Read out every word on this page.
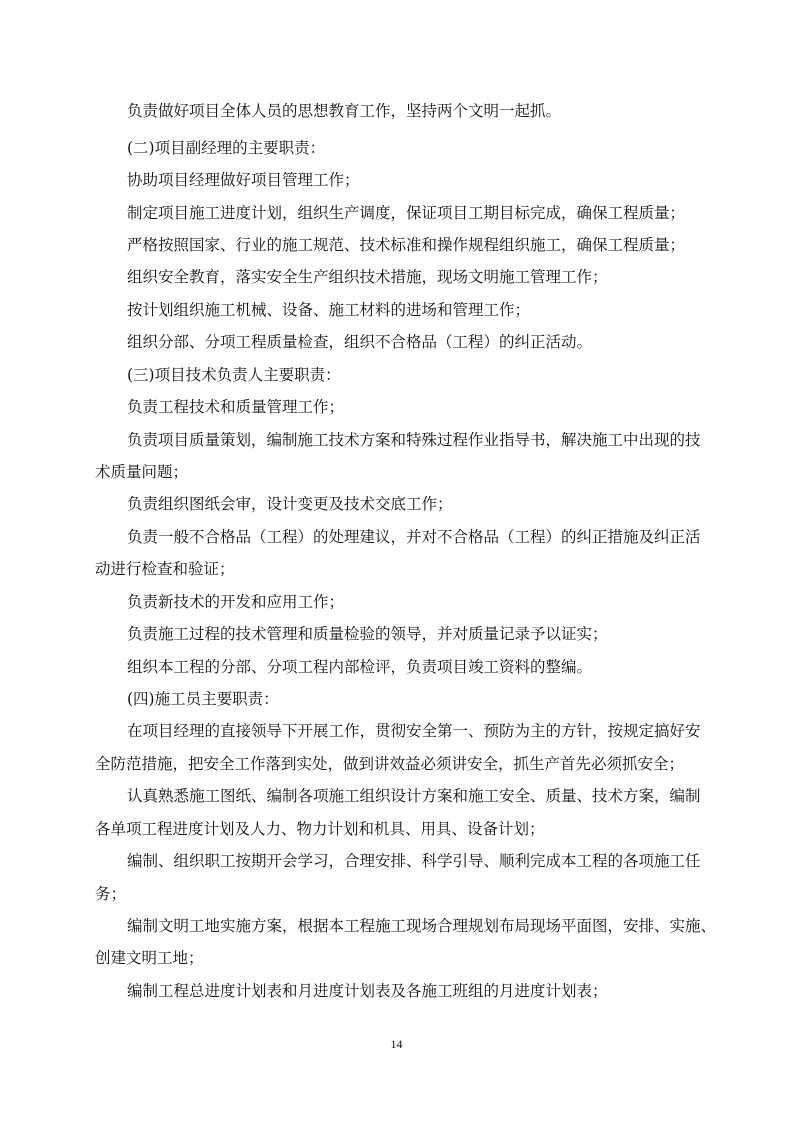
负责做好项目全体人员的思想教育工作，坚持两个文明一起抓。
(二)项目副经理的主要职责：
协助项目经理做好项目管理工作；
制定项目施工进度计划，组织生产调度，保证项目工期目标完成，确保工程质量；
严格按照国家、行业的施工规范、技术标准和操作规程组织施工，确保工程质量；
组织安全教育，落实安全生产组织技术措施，现场文明施工管理工作；
按计划组织施工机械、设备、施工材料的进场和管理工作；
组织分部、分项工程质量检查，组织不合格品（工程）的纠正活动。
(三)项目技术负责人主要职责：
负责工程技术和质量管理工作；
负责项目质量策划，编制施工技术方案和特殊过程作业指导书，解决施工中出现的技
术质量问题；
负责组织图纸会审，设计变更及技术交底工作；
负责一般不合格品（工程）的处理建议，并对不合格品（工程）的纠正措施及纠正活
动进行检查和验证；
负责新技术的开发和应用工作；
负责施工过程的技术管理和质量检验的领导，并对质量记录予以证实；
组织本工程的分部、分项工程内部检评，负责项目竣工资料的整编。
(四)施工员主要职责：
在项目经理的直接领导下开展工作，贯彻安全第一、预防为主的方针，按规定搞好安
全防范措施，把安全工作落到实处，做到讲效益必须讲安全，抓生产首先必须抓安全；
认真熟悉施工图纸、编制各项施工组织设计方案和施工安全、质量、技术方案，编制
各单项工程进度计划及人力、物力计划和机具、用具、设备计划；
编制、组织职工按期开会学习，合理安排、科学引导、顺利完成本工程的各项施工任
务；
编制文明工地实施方案，根据本工程施工现场合理规划布局现场平面图，安排、实施、
创建文明工地；
编制工程总进度计划表和月进度计划表及各施工班组的月进度计划表；
14
